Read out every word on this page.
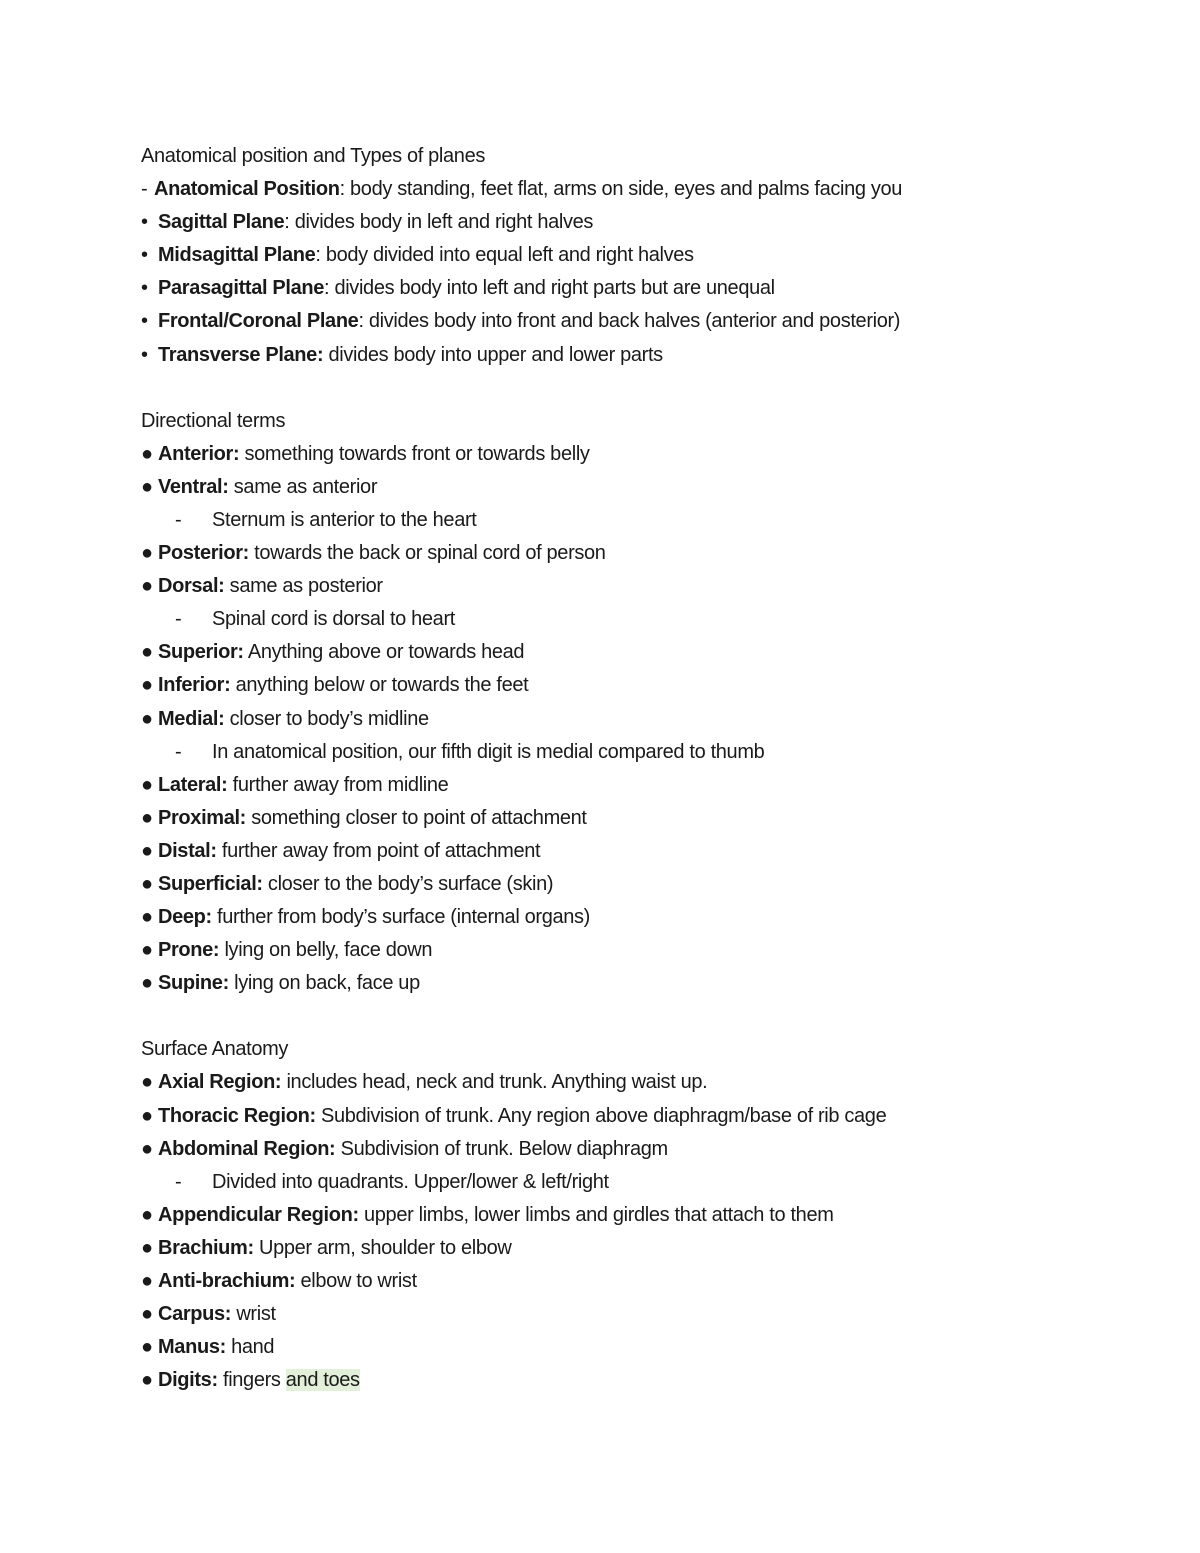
Anatomical position and Types of planes
-Anatomical Position: body standing, feet flat, arms on side, eyes and palms facing you
•Sagittal Plane: divides body in left and right halves
•Midsagittal Plane: body divided into equal left and right halves
•Parasagittal Plane: divides body into left and right parts but are unequal
•Frontal/Coronal Plane: divides body into front and back halves (anterior and posterior)
•Transverse Plane: divides body into upper and lower parts
Directional terms
● Anterior: something towards front or towards belly
● Ventral: same as anterior
- Sternum is anterior to the heart
● Posterior: towards the back or spinal cord of person
● Dorsal: same as posterior
- Spinal cord is dorsal to heart
● Superior: Anything above or towards head
● Inferior: anything below or towards the feet
● Medial: closer to body’s midline
- In anatomical position, our fifth digit is medial compared to thumb
● Lateral: further away from midline
● Proximal: something closer to point of attachment
● Distal: further away from point of attachment
● Superficial: closer to the body’s surface (skin)
● Deep: further from body’s surface (internal organs)
● Prone: lying on belly, face down
● Supine: lying on back, face up
Surface Anatomy
● Axial Region: includes head, neck and trunk. Anything waist up.
● Thoracic Region: Subdivision of trunk. Any region above diaphragm/base of rib cage
● Abdominal Region: Subdivision of trunk. Below diaphragm
- Divided into quadrants. Upper/lower & left/right
● Appendicular Region: upper limbs, lower limbs and girdles that attach to them
● Brachium: Upper arm, shoulder to elbow
● Anti-brachium: elbow to wrist
● Carpus: wrist
● Manus: hand
● Digits: fingers and toes
